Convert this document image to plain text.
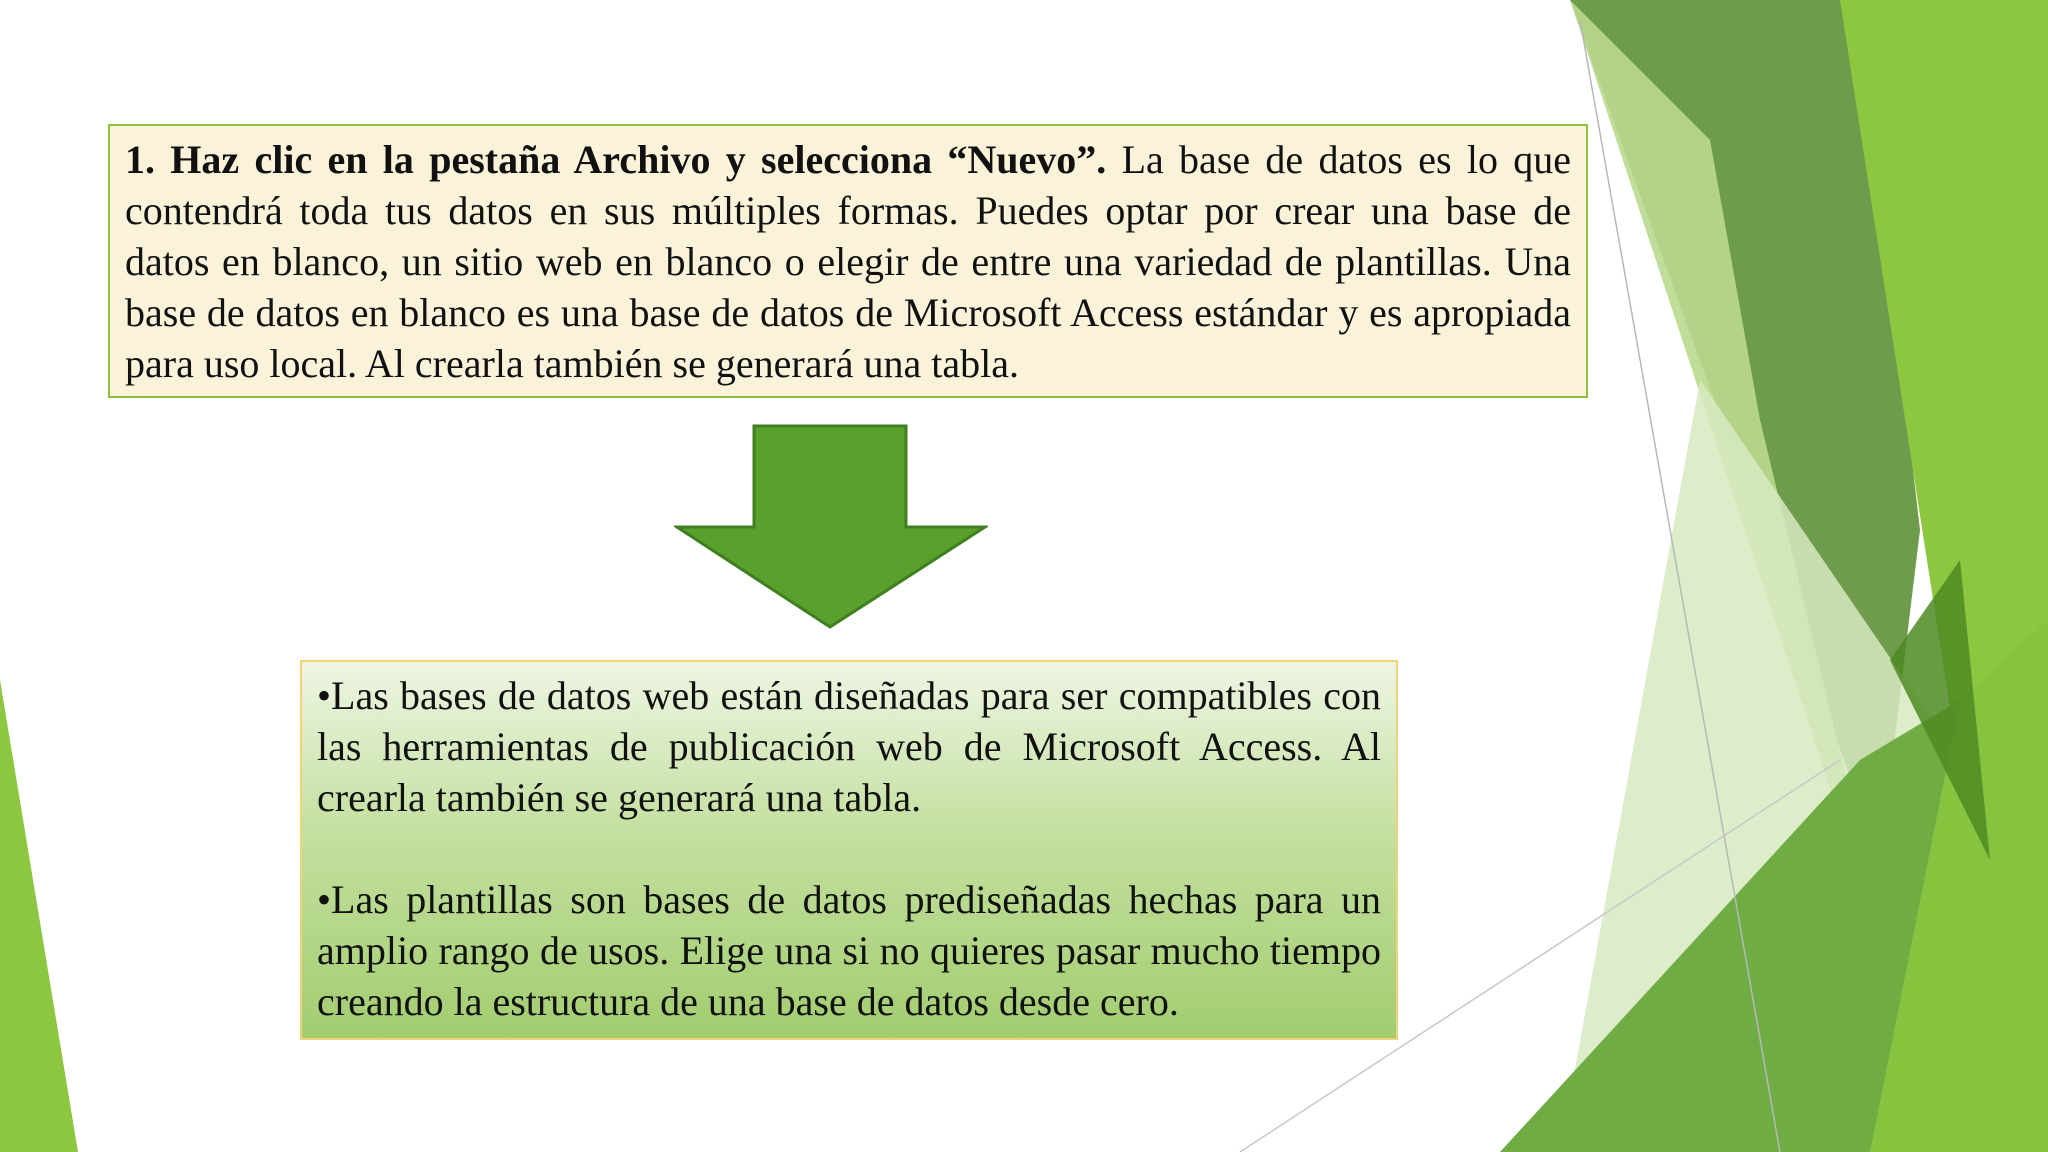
1. Haz clic en la pestaña Archivo y selecciona “Nuevo”. La base de datos es lo que contendrá toda tus datos en sus múltiples formas. Puedes optar por crear una base de datos en blanco, un sitio web en blanco o elegir de entre una variedad de plantillas. Una base de datos en blanco es una base de datos de Microsoft Access estándar y es apropiada para uso local. Al crearla también se generará una tabla.

•Las bases de datos web están diseñadas para ser compatibles con las herramientas de publicación web de Microsoft Access. Al crearla también se generará una tabla.

•Las plantillas son bases de datos prediseñadas hechas para un amplio rango de usos. Elige una si no quieres pasar mucho tiempo creando la estructura de una base de datos desde cero.
